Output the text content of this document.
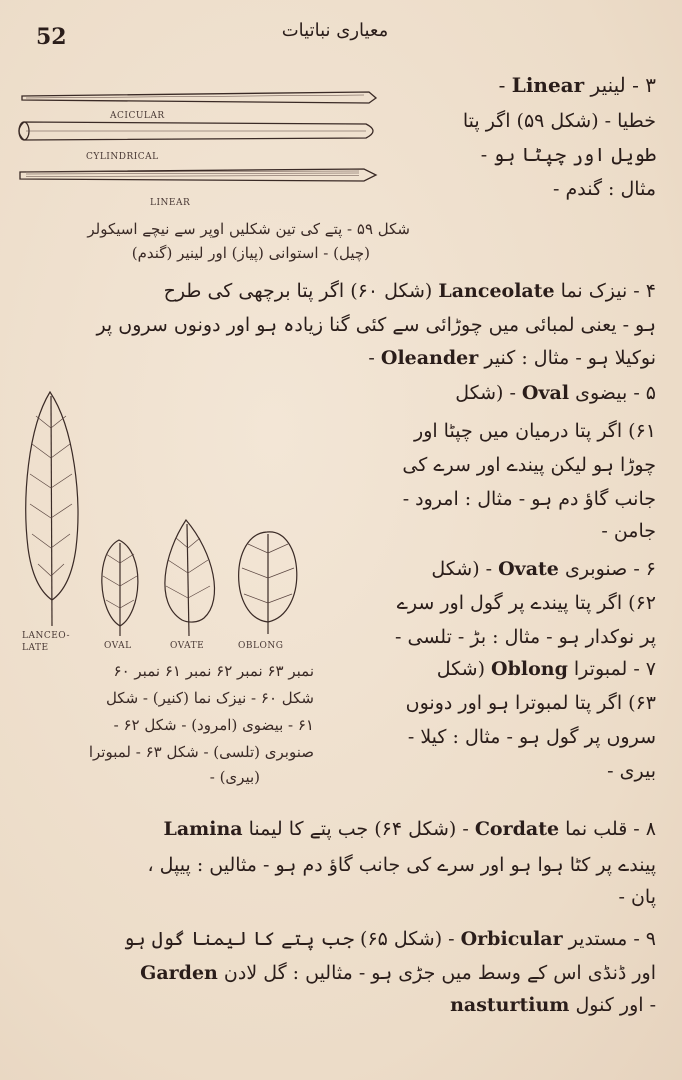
52	معیاری نباتیات
ACICULAR
CYLINDRICAL
LINEAR
شکل ۵۹ - پتے کی تین شکلیں اوپر سے نیچے اسیکولر
(چیل) - استوانی (پیاز) اور لینیر (گندم)
۳ - لینیر Linear -
خطیا - (شکل ۵۹) اگر پتا
طویل اور چپٹا ہو -
مثال : گندم -
۴ - نیزک نما Lanceolate (شکل ۶۰) اگر پتا برچھی کی طرح
ہو - یعنی لمبائی میں چوڑائی سے کئی گنا زیادہ ہو اور دونوں سروں پر
نوکیلا ہو - مثال : کنیر Oleander -
LANCEO-LATE	OVAL	OVATE	OBLONG
نمبر ۶۳ نمبر ۶۲ نمبر ۶۱ نمبر ۶۰
شکل ۶۰ - نیزک نما (کنیر) - شکل
۶۱ - بیضوی (امرود) - شکل ۶۲ -
صنوبری (تلسی) - شکل ۶۳ - لمبوترا
(بیری) -
۵ - بیضوی Oval - (شکل
۶۱) اگر پتا درمیان میں چپٹا اور
چوڑا ہو لیکن پیندے اور سرے کی
جانب گاؤ دم ہو - مثال : امرود -
جامن -
۶ - صنوبری Ovate - (شکل
۶۲) اگر پتا پیندے پر گول اور سرے
پر نوکدار ہو - مثال : بڑ - تلسی -
۷ - لمبوترا Oblong (شکل
۶۳) اگر پتا لمبوترا ہو اور دونوں
سروں پر گول ہو - مثال : کیلا -
بیری -
۸ - قلب نما Cordate - (شکل ۶۴) جب پتے کا لیمنا Lamina
پیندے پر کٹا ہوا ہو اور سرے کی جانب گاؤ دم ہو - مثالیں : پیپل ،
پان -
۹ - مستدیر Orbicular - (شکل ۶۵) جب پتے کا لیمنا گول ہو
اور ڈنڈی اس کے وسط میں جڑی ہو - مثالیں : گل لادن Garden
nasturtium اور کنول -
